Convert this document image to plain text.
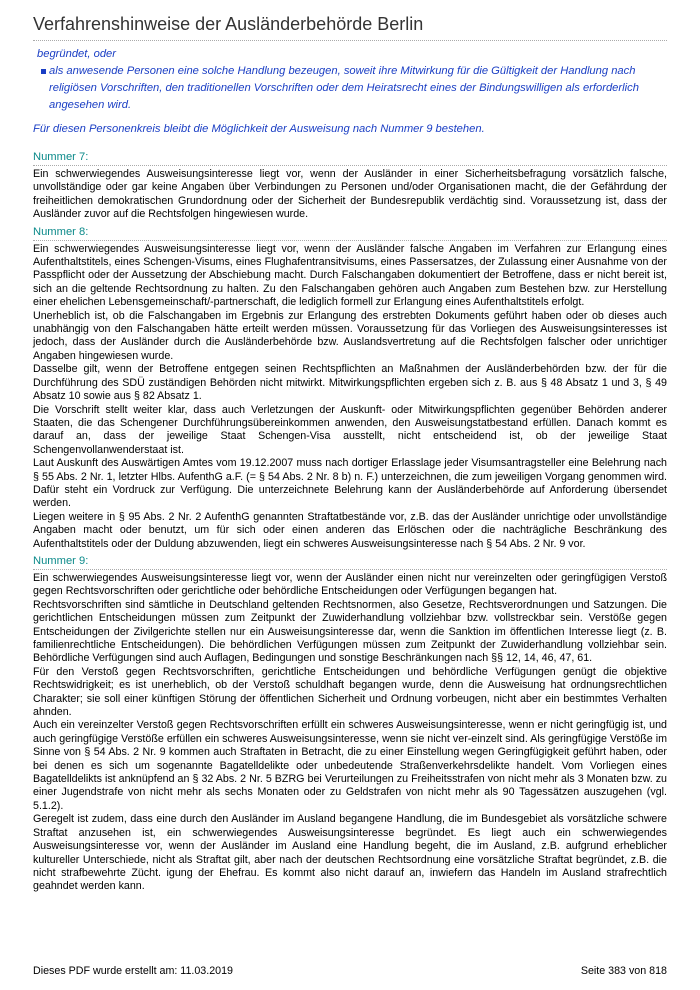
Verfahrenshinweise der Ausländerbehörde Berlin
begründet, oder
als anwesende Personen eine solche Handlung bezeugen, soweit ihre Mitwirkung für die Gültigkeit der Handlung nach religiösen Vorschriften, den traditionellen Vorschriften oder dem Heiratsrecht eines der Bindungswilligen als erforderlich angesehen wird.
Für diesen Personenkreis bleibt die Möglichkeit der Ausweisung nach Nummer 9 bestehen.
Nummer 7:

Ein schwerwiegendes Ausweisungsinteresse liegt vor, wenn der Ausländer in einer Sicherheitsbefragung vorsätzlich falsche, unvollständige oder gar keine Angaben über Verbindungen zu Personen und/oder Organisationen macht, die der Gefährdung der freiheitlichen demokratischen Grundordnung oder der Sicherheit der Bundesrepublik verdächtig sind. Voraussetzung ist, dass der Ausländer zuvor auf die Rechtsfolgen hingewiesen wurde.

Nummer 8:

Ein schwerwiegendes Ausweisungsinteresse liegt vor, wenn der Ausländer falsche Angaben im Verfahren zur Erlangung eines Aufenthaltstitels, eines Schengen-Visums, eines Flughafentransitvisums, eines Passersatzes, der Zulassung einer Ausnahme von der Passpflicht oder der Aussetzung der Abschiebung macht. Durch Falschangaben dokumentiert der Betroffene, dass er nicht bereit ist, sich an die geltende Rechtsordnung zu halten. Zu den Falschangaben gehören auch Angaben zum Bestehen bzw. zur Herstellung einer ehelichen Lebensgemeinschaft/-partnerschaft, die lediglich formell zur Erlangung eines Aufenthaltstitels erfolgt.

Unerheblich ist, ob die Falschangaben im Ergebnis zur Erlangung des erstrebten Dokuments geführt haben oder ob dieses auch unabhängig von den Falschangaben hätte erteilt werden müssen. Voraussetzung für das Vorliegen des Ausweisungsinteresses ist jedoch, dass der Ausländer durch die Ausländerbehörde bzw. Auslandsvertretung auf die Rechtsfolgen falscher oder unrichtiger Angaben hingewiesen wurde.

Dasselbe gilt, wenn der Betroffene entgegen seinen Rechtspflichten an Maßnahmen der Ausländerbehörden bzw. der für die Durchführung des SDÜ zuständigen Behörden nicht mitwirkt. Mitwirkungspflichten ergeben sich z. B. aus § 48 Absatz 1 und 3, § 49 Absatz 10 sowie aus § 82 Absatz 1.

Die Vorschrift stellt weiter klar, dass auch Verletzungen der Auskunft- oder Mitwirkungspflichten gegenüber Behörden anderer Staaten, die das Schengener Durchführungsübereinkommen anwenden, den Ausweisungstatbestand erfüllen. Danach kommt es darauf an, dass der jeweilige Staat Schengen-Visa ausstellt, nicht entscheidend ist, ob der jeweilige Staat Schengenvollanwenderstaat ist.

Laut Auskunft des Auswärtigen Amtes vom 19.12.2007 muss nach dortiger Erlasslage jeder Visumsantragsteller eine Belehrung nach § 55 Abs. 2 Nr. 1, letzter Hlbs. AufenthG a.F. (= § 54 Abs. 2 Nr. 8 b) n. F.) unterzeichnen, die zum jeweiligen Vorgang genommen wird. Dafür steht ein Vordruck zur Verfügung. Die unterzeichnete Belehrung kann der Ausländerbehörde auf Anforderung übersendet werden.

Liegen weitere in § 95 Abs. 2 Nr. 2 AufenthG genannten Straftatbestände vor, z.B. das der Ausländer unrichtige oder unvollständige Angaben macht oder benutzt, um für sich oder einen anderen das Erlöschen oder die nachträgliche Beschränkung des Aufenthaltstitels oder der Duldung abzuwenden, liegt ein schweres Ausweisungsinteresse nach § 54 Abs. 2 Nr. 9 vor.

Nummer 9:

Ein schwerwiegendes Ausweisungsinteresse liegt vor, wenn der Ausländer einen nicht nur vereinzelten oder geringfügigen Verstoß gegen Rechtsvorschriften oder gerichtliche oder behördliche Entscheidungen oder Verfügungen begangen hat.

Rechtsvorschriften sind sämtliche in Deutschland geltenden Rechtsnormen, also Gesetze, Rechtsverordnungen und Satzungen. Die gerichtlichen Entscheidungen müssen zum Zeitpunkt der Zuwiderhandlung vollziehbar bzw. vollstreckbar sein. Verstöße gegen Entscheidungen der Zivilgerichte stellen nur ein Ausweisungsinteresse dar, wenn die Sanktion im öffentlichen Interesse liegt (z. B. familienrechtliche Entscheidungen). Die behördlichen Verfügungen müssen zum Zeitpunkt der Zuwiderhandlung vollziehbar sein. Behördliche Verfügungen sind auch Auflagen, Bedingungen und sonstige Beschränkungen nach §§ 12, 14, 46, 47, 61.

Für den Verstoß gegen Rechtsvorschriften, gerichtliche Entscheidungen und behördliche Verfügungen genügt die objektive Rechtswidrigkeit; es ist unerheblich, ob der Verstoß schuldhaft begangen wurde, denn die Ausweisung hat ordnungsrechtlichen Charakter; sie soll einer künftigen Störung der öffentlichen Sicherheit und Ordnung vorbeugen, nicht aber ein bestimmtes Verhalten ahnden.

Auch ein vereinzelter Verstoß gegen Rechtsvorschriften erfüllt ein schweres Ausweisungsinteresse, wenn er nicht geringfügig ist, und auch geringfügige Verstöße erfüllen ein schweres Ausweisungsinteresse, wenn sie nicht ver-einzelt sind. Als geringfügige Verstöße im Sinne von § 54 Abs. 2 Nr. 9 kommen auch Straftaten in Betracht, die zu einer Einstellung wegen Geringfügigkeit geführt haben, oder bei denen es sich um sogenannte Bagatelldelikte oder unbedeutende Straßenverkehrsdelikte handelt. Vom Vorliegen eines Bagatelldelikts ist anknüpfend an § 32 Abs. 2 Nr. 5 BZRG bei Verurteilungen zu Freiheitsstrafen von nicht mehr als 3 Monaten bzw. zu einer Jugendstrafe von nicht mehr als sechs Monaten oder zu Geldstrafen von nicht mehr als 90 Tagessätzen auszugehen (vgl. 5.1.2).

Geregelt ist zudem, dass eine durch den Ausländer im Ausland begangene Handlung, die im Bundesgebiet als vorsätzliche schwere Straftat anzusehen ist, ein schwerwiegendes Ausweisungsinteresse begründet. Es liegt auch ein schwerwiegendes Ausweisungsinteresse vor, wenn der Ausländer im Ausland eine Handlung begeht, die im Ausland, z.B. aufgrund erheblicher kultureller Unterschiede, nicht als Straftat gilt, aber nach der deutschen Rechtsordnung eine vorsätzliche Straftat begründet, z.B. die nicht strafbewehrte Zücht. igung der Ehefrau. Es kommt also nicht darauf an, inwiefern das Handeln im Ausland strafrechtlich geahndet werden kann.

Dieses PDF wurde erstellt am: 11.03.2019	Seite 383 von 818
